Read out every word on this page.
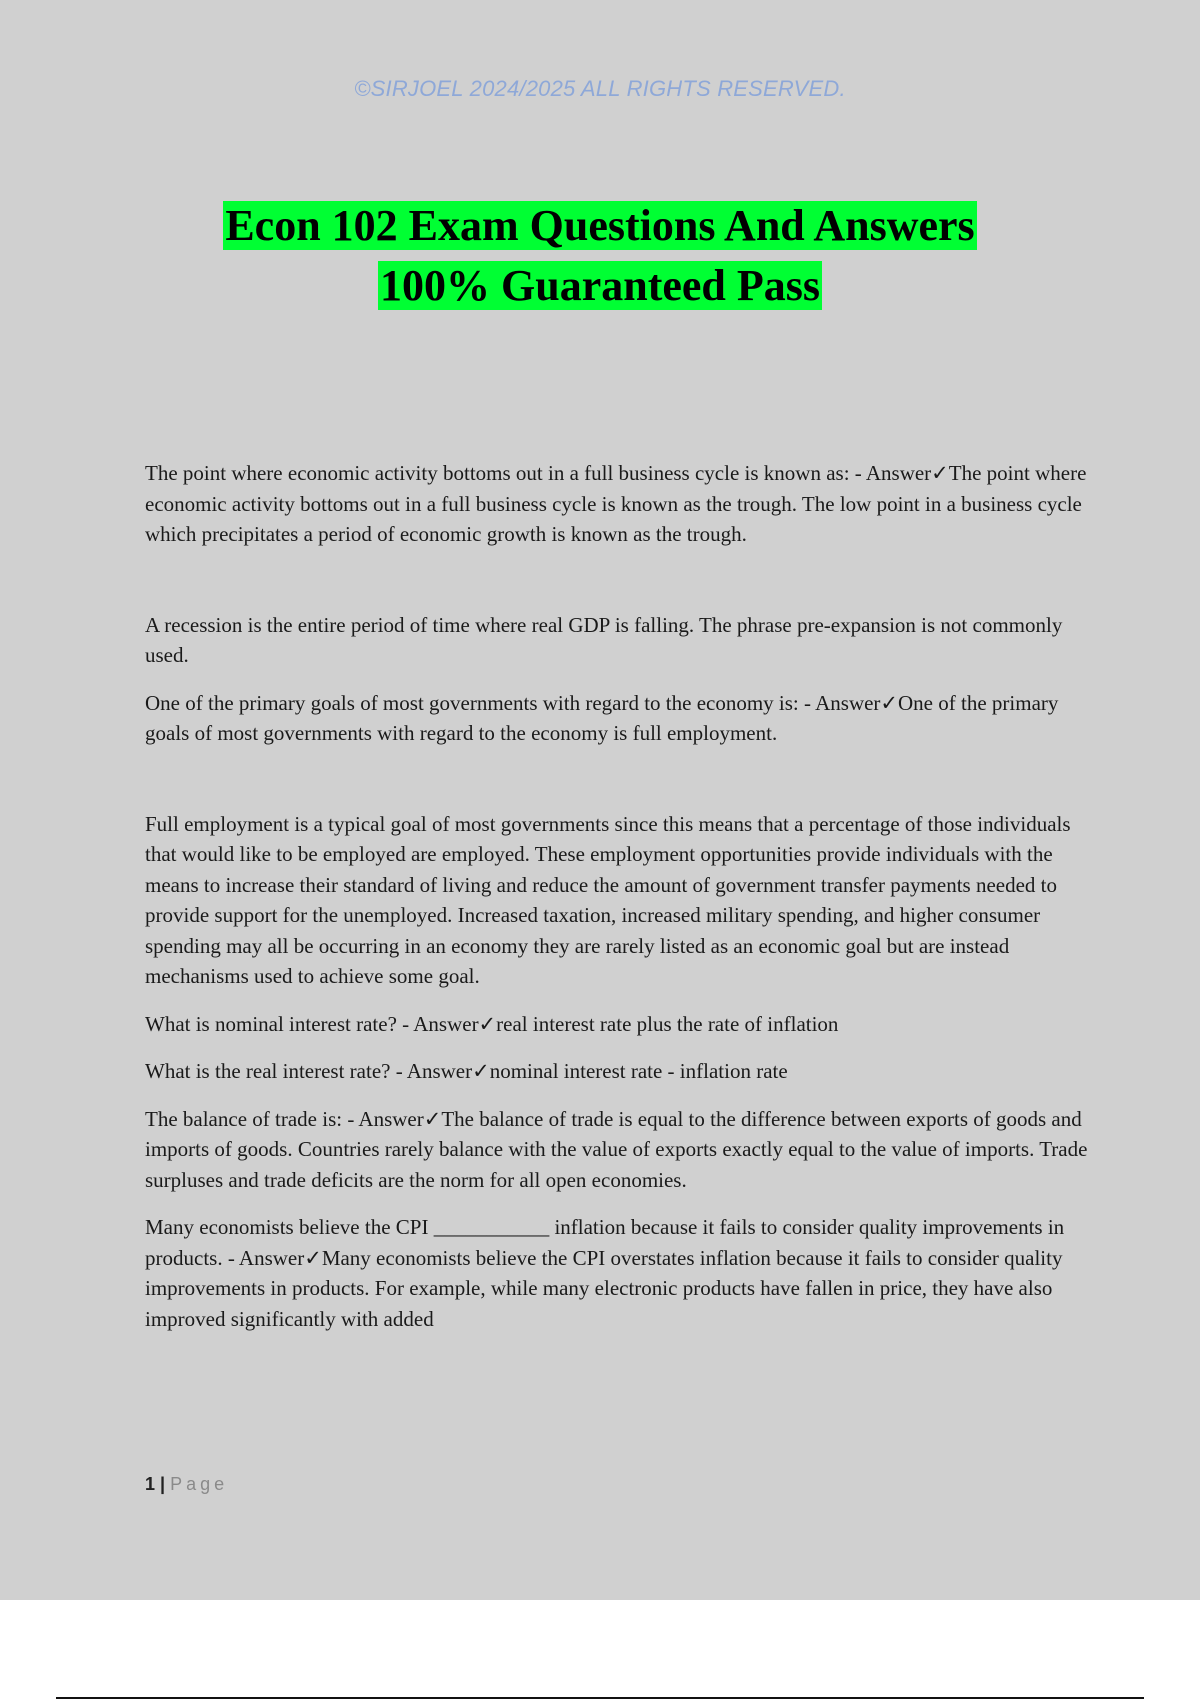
©SIRJOEL 2024/2025 ALL RIGHTS RESERVED.
Econ 102 Exam Questions And Answers
100% Guaranteed Pass

The point where economic activity bottoms out in a full business cycle is known as: - Answer✓The point where economic activity bottoms out in a full business cycle is known as the trough. The low point in a business cycle which precipitates a period of economic growth is known as the trough.

A recession is the entire period of time where real GDP is falling. The phrase pre-expansion is not commonly used.

One of the primary goals of most governments with regard to the economy is: - Answer✓One of the primary goals of most governments with regard to the economy is full employment.

Full employment is a typical goal of most governments since this means that a percentage of those individuals that would like to be employed are employed. These employment opportunities provide individuals with the means to increase their standard of living and reduce the amount of government transfer payments needed to provide support for the unemployed. Increased taxation, increased military spending, and higher consumer spending may all be occurring in an economy they are rarely listed as an economic goal but are instead mechanisms used to achieve some goal.

What is nominal interest rate? - Answer✓real interest rate plus the rate of inflation

What is the real interest rate? - Answer✓nominal interest rate - inflation rate

The balance of trade is: - Answer✓The balance of trade is equal to the difference between exports of goods and imports of goods. Countries rarely balance with the value of exports exactly equal to the value of imports. Trade surpluses and trade deficits are the norm for all open economies.

Many economists believe the CPI ___________ inflation because it fails to consider quality improvements in products. - Answer✓Many economists believe the CPI overstates inflation because it fails to consider quality improvements in products. For example, while many electronic products have fallen in price, they have also improved significantly with added

1 | Page
